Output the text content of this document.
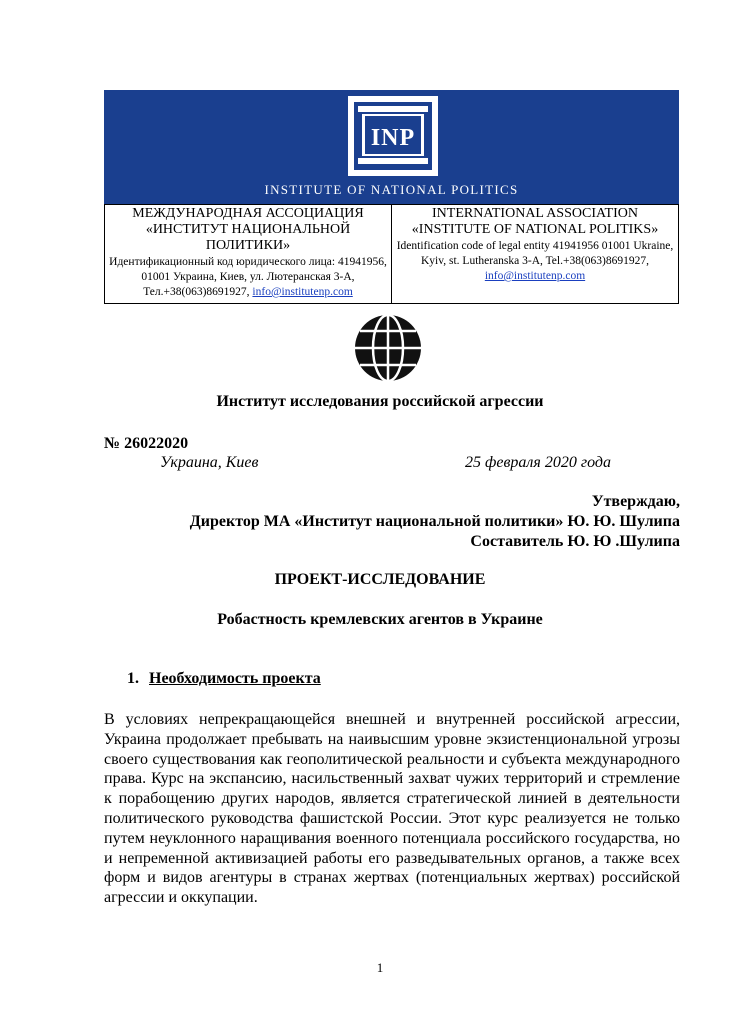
INP
INSTITUTE OF NATIONAL POLITICS
МЕЖДУНАРОДНАЯ АССОЦИАЦИЯ «ИНСТИТУТ НАЦИОНАЛЬНОЙ ПОЛИТИКИ»
Идентификационный код юридического лица: 41941956, 01001 Украина, Киев, ул. Лютеранская 3-А, Тел.+38(063)8691927, info@institutenp.com

INTERNATIONAL ASSOCIATION «INSTITUTE OF NATIONAL POLITIKS»
Identification code of legal entity 41941956 01001 Ukraine, Kyiv, st. Lutheranska 3-A, Tel.+38(063)8691927, info@institutenp.com
Институт исследования российской агрессии
№ 26022020
Украина, Киев	25 февраля 2020 года
Утверждаю,
Директор МА «Институт национальной политики» Ю. Ю. Шулипа
Составитель Ю. Ю .Шулипа
ПРОЕКТ-ИССЛЕДОВАНИЕ
Робастность кремлевских агентов в Украине
1. Необходимость проекта
В условиях непрекращающейся внешней и внутренней российской агрессии, Украина продолжает пребывать на наивысшим уровне экзистенциональной угрозы своего существования как геополитической реальности и субъекта международного права. Курс на экспансию, насильственный захват чужих территорий и стремление к порабощению других народов, является стратегической линией в деятельности политического руководства фашистской России. Этот курс реализуется не только путем неуклонного наращивания военного потенциала российского государства, но и непременной активизацией работы его разведывательных органов, а также всех форм и видов агентуры в странах жертвах (потенциальных жертвах) российской агрессии и оккупации.
1
